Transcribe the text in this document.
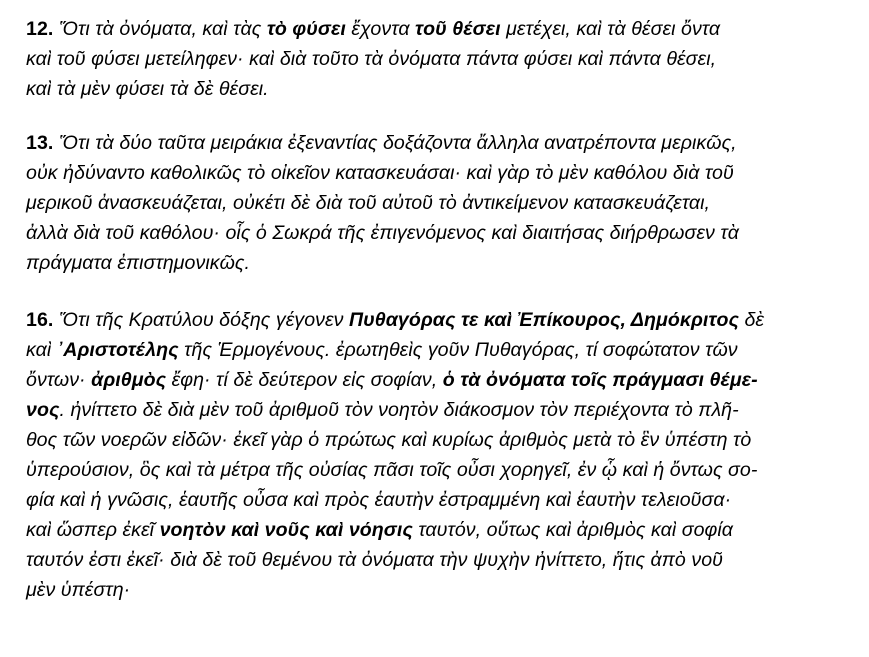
12. Ὅτι τὰ ὀνόματα, καὶ τὰς τὸ φύσει ἔχοντα τοῦ θέσει μετέχει, καὶ τὰ θέσει ὄντα
καὶ τοῦ φύσει μετείληφεν· καὶ διὰ τοῦτο τὰ ὀνόματα πάντα φύσει καὶ πάντα θέσει,
καὶ τὰ μὲν φύσει τὰ δὲ θέσει.
13. Ὅτι τὰ δύο ταῦτα μειράκια ἐξεναντίας δοξάζοντα ἄλληλα ανατρέποντα μερικῶς,
οὐκ ἠδύναντο καθολικῶς τὸ οἰκεῖον κατασκευάσαι· καὶ γὰρ τὸ μὲν καθόλου διὰ τοῦ
μερικοῦ ἀνασκευάζεται, οὐκέτι δὲ διὰ τοῦ αὐτοῦ τὸ ἀντικείμενον κατασκευάζεται,
ἀλλὰ διὰ τοῦ καθόλου· οἷς ὁ Σωκρά τῆς ἐπιγενόμενος καὶ διαιτήσας διήρθρωσεν τὰ
πράγματα ἐπιστημονικῶς.
16. Ὅτι τῆς Κρατύλου δόξης γέγονεν Πυθαγόρας τε καὶ Ἐπίκουρος, Δημόκριτος δὲ
καὶ ᾽Αριστοτέλης τῆς Ἑρμογένους. ἐρωτηθεὶς γοῦν Πυθαγόρας, τί σοφώτατον τῶν
ὄντων· ἀριθμὸς ἔφη· τί δὲ δεύτερον εἰς σοφίαν, ὁ τὰ ὀνόματα τοῖς πράγμασι θέμε-
νος. ἠνίττετο δὲ διὰ μὲν τοῦ ἀριθμοῦ τὸν νοητὸν διάκοσμον τὸν περιέχοντα τὸ πλῆ-
θος τῶν νοερῶν εἰδῶν· ἐκεῖ γὰρ ὁ πρώτως καὶ κυρίως ἀριθμὸς μετὰ τὸ ἓν ὑπέστη τὸ
ὑπερούσιον, ὃς καὶ τὰ μέτρα τῆς οὐσίας πᾶσι τοῖς οὖσι χορηγεῖ, ἐν ᾧ καὶ ἡ ὄντως σο-
φία καὶ ἡ γνῶσις, ἑαυτῆς οὖσα καὶ πρὸς ἑαυτὴν ἐστραμμένη καὶ ἑαυτὴν τελειοῦσα·
καὶ ὥσπερ ἐκεῖ νοητὸν καὶ νοῦς καὶ νόησις ταυτόν, οὕτως καὶ ἀριθμὸς καὶ σοφία
ταυτόν ἐστι ἐκεῖ· διὰ δὲ τοῦ θεμένου τὰ ὀνόματα τὴν ψυχὴν ἠνίττετο, ἥτις ἀπὸ νοῦ
μὲν ὑπέστη·
